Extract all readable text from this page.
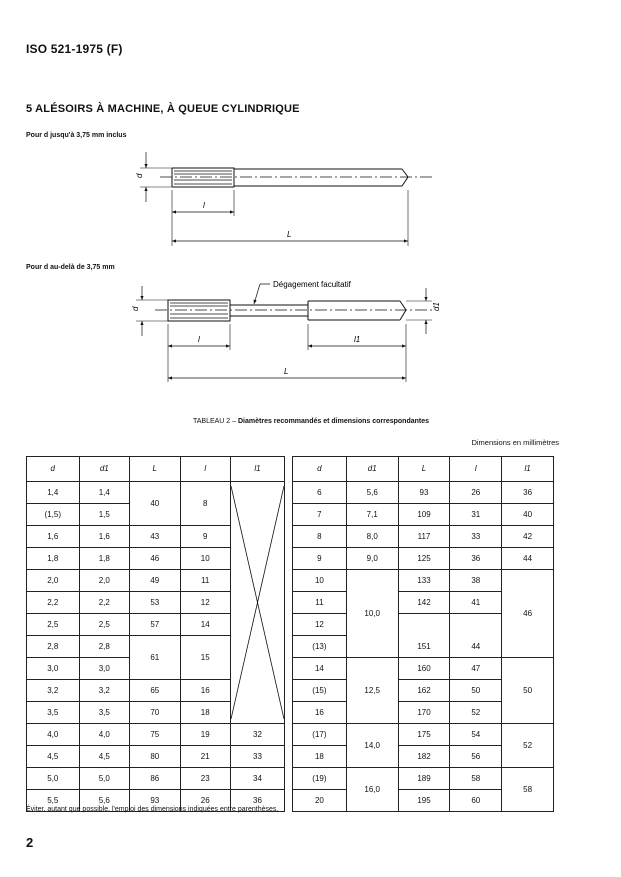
ISO 521-1975 (F)
5 ALÉSOIRS À MACHINE, À QUEUE CYLINDRIQUE
Pour d jusqu'à 3,75 mm inclus
Pour d au-delà de 3,75 mm
d
l
L
Dégagement facultatif
d	d1
l	l1
L
TABLEAU 2 – Diamètres recommandés et dimensions correspondantes
Dimensions en millimètres
d	d1	L	l	l1
1,4	1,4	40	8	

(1,5)	1,5			
1,6	1,6	43	9	
1,8	1,8	46	10	
2,0	2,0	49	11	
2,2	2,2	53	12	
2,5	2,5	57	14	
2,8	2,8	61	15	
3,0	3,0			
3,2	3,2	65	16	
3,5	3,5	70	18	
4,0	4,0	75	19	32
4,5	4,5	80	21	33
5,0	5,0	86	23	34
5,5	5,6	93	26	36
d	d1	L	l	l1
6	5,6	93	26	36
7	7,1	109	31	40
8	8,0	117	33	42
9	9,0	125	36	44
10	10,0	133	38	46
11		142	41	
12		151	44	
(13)				
14	12,5	160	47	50
(15)		162	50	
16		170	52	
(17)	14,0	175	54	52
18		182	56	
(19)	16,0	189	58	58
20		195	60	
Éviter, autant que possible, l'emploi des dimensions indiquées entre parenthèses.
2
